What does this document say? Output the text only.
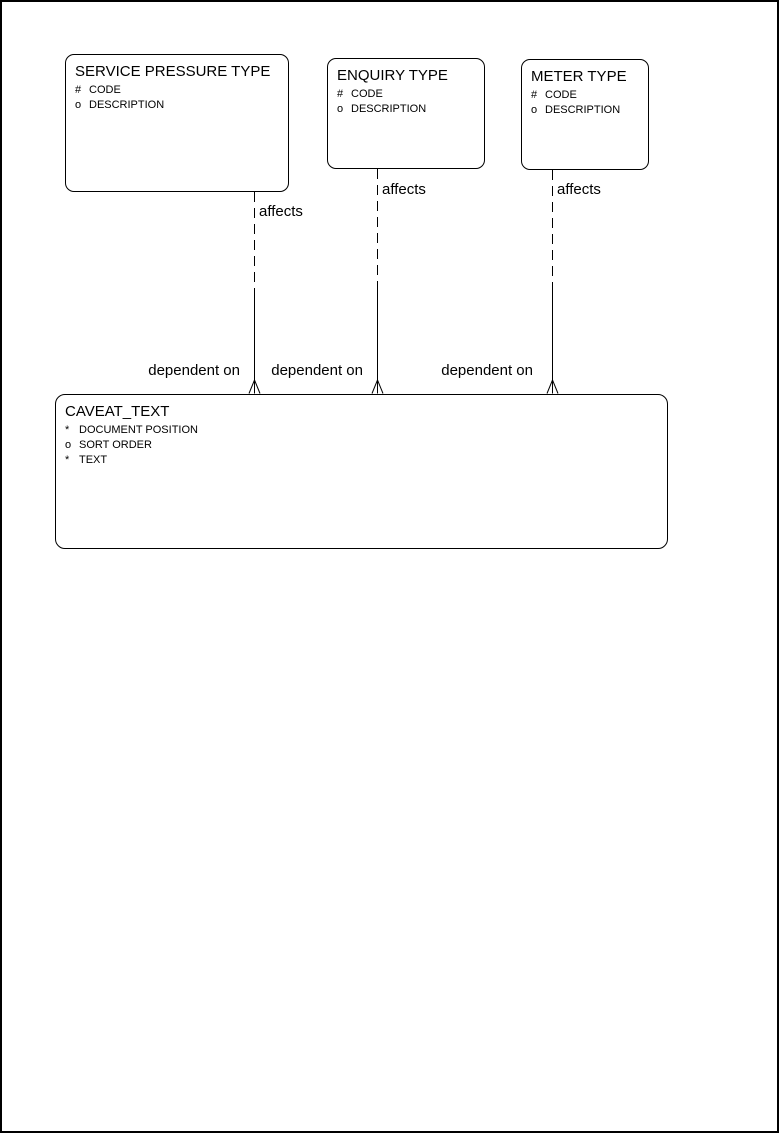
SERVICE PRESSURE TYPE
# CODE
o DESCRIPTION
ENQUIRY TYPE
# CODE
o DESCRIPTION
METER TYPE
# CODE
o DESCRIPTION
CAVEAT_TEXT
* DOCUMENT POSITION
o SORT ORDER
* TEXT
affects
affects	affects
dependent on dependent on	dependent on
